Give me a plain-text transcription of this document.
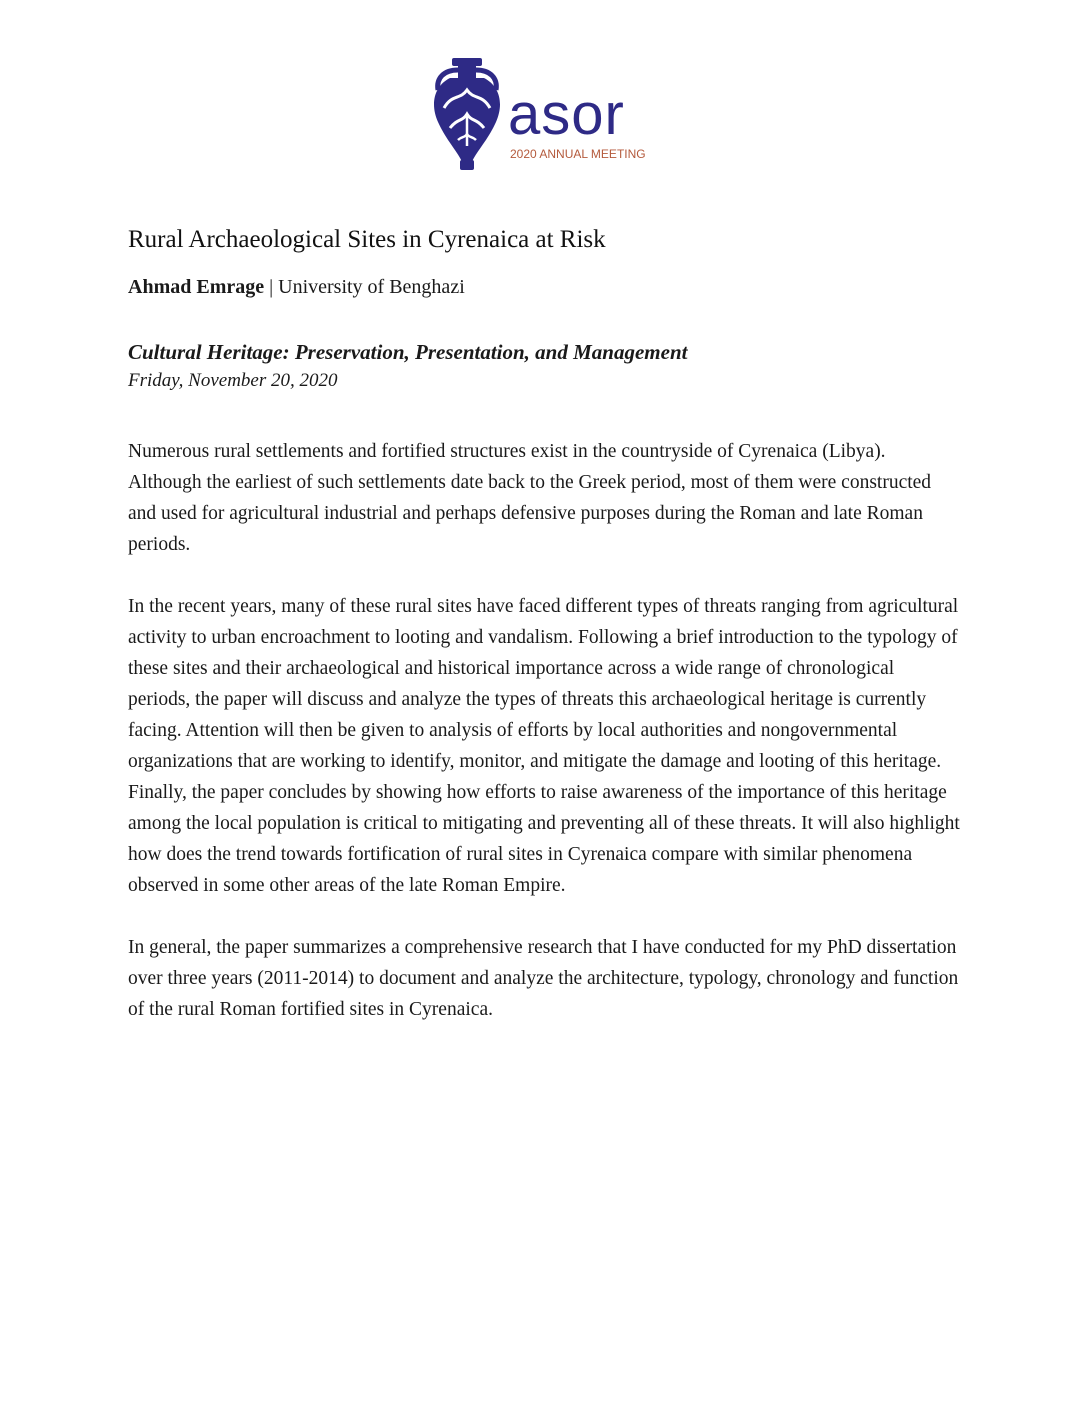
asor
2020 ANNUAL MEETING
Rural Archaeological Sites in Cyrenaica at Risk
Ahmad Emrage | University of Benghazi
Cultural Heritage: Preservation, Presentation, and Management
Friday, November 20, 2020

Numerous rural settlements and fortified structures exist in the countryside of Cyrenaica (Libya). Although the earliest of such settlements date back to the Greek period, most of them were constructed and used for agricultural industrial and perhaps defensive purposes during the Roman and late Roman periods.

In the recent years, many of these rural sites have faced different types of threats ranging from agricultural activity to urban encroachment to looting and vandalism. Following a brief introduction to the typology of these sites and their archaeological and historical importance across a wide range of chronological periods, the paper will discuss and analyze the types of threats this archaeological heritage is currently facing. Attention will then be given to analysis of efforts by local authorities and nongovernmental organizations that are working to identify, monitor, and mitigate the damage and looting of this heritage. Finally, the paper concludes by showing how efforts to raise awareness of the importance of this heritage among the local population is critical to mitigating and preventing all of these threats. It will also highlight how does the trend towards fortification of rural sites in Cyrenaica compare with similar phenomena observed in some other areas of the late Roman Empire.

In general, the paper summarizes a comprehensive research that I have conducted for my PhD dissertation over three years (2011-2014) to document and analyze the architecture, typology, chronology and function of the rural Roman fortified sites in Cyrenaica.
